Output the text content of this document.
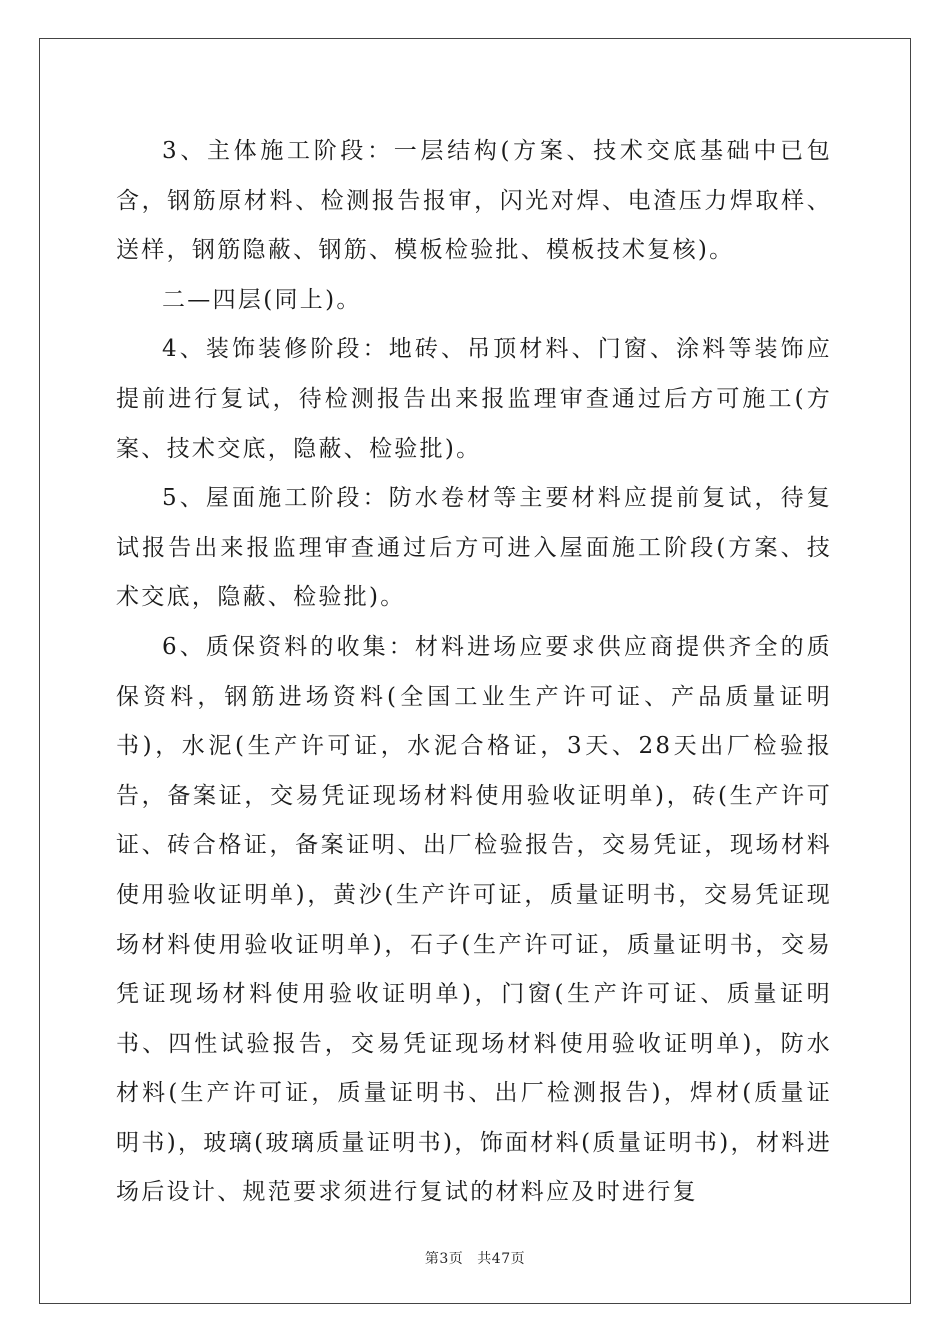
3、主体施工阶段：一层结构(方案、技术交底基础中已包含，钢筋原材料、检测报告报审，闪光对焊、电渣压力焊取样、送样，钢筋隐蔽、钢筋、模板检验批、模板技术复核)。

二—四层(同上)。

4、装饰装修阶段：地砖、吊顶材料、门窗、涂料等装饰应提前进行复试，待检测报告出来报监理审查通过后方可施工(方案、技术交底，隐蔽、检验批)。

5、屋面施工阶段：防水卷材等主要材料应提前复试，待复试报告出来报监理审查通过后方可进入屋面施工阶段(方案、技术交底，隐蔽、检验批)。

6、质保资料的收集：材料进场应要求供应商提供齐全的质保资料，钢筋进场资料(全国工业生产许可证、产品质量证明书)，水泥(生产许可证，水泥合格证，3天、28天出厂检验报告，备案证，交易凭证现场材料使用验收证明单)，砖(生产许可证、砖合格证，备案证明、出厂检验报告，交易凭证，现场材料使用验收证明单)，黄沙(生产许可证，质量证明书，交易凭证现场材料使用验收证明单)，石子(生产许可证，质量证明书，交易凭证现场材料使用验收证明单)，门窗(生产许可证、质量证明书、四性试验报告，交易凭证现场材料使用验收证明单)，防水材料(生产许可证，质量证明书、出厂检测报告)，焊材(质量证明书)，玻璃(玻璃质量证明书)，饰面材料(质量证明书)，材料进场后设计、规范要求须进行复试的材料应及时进行复

第3页 共47页
